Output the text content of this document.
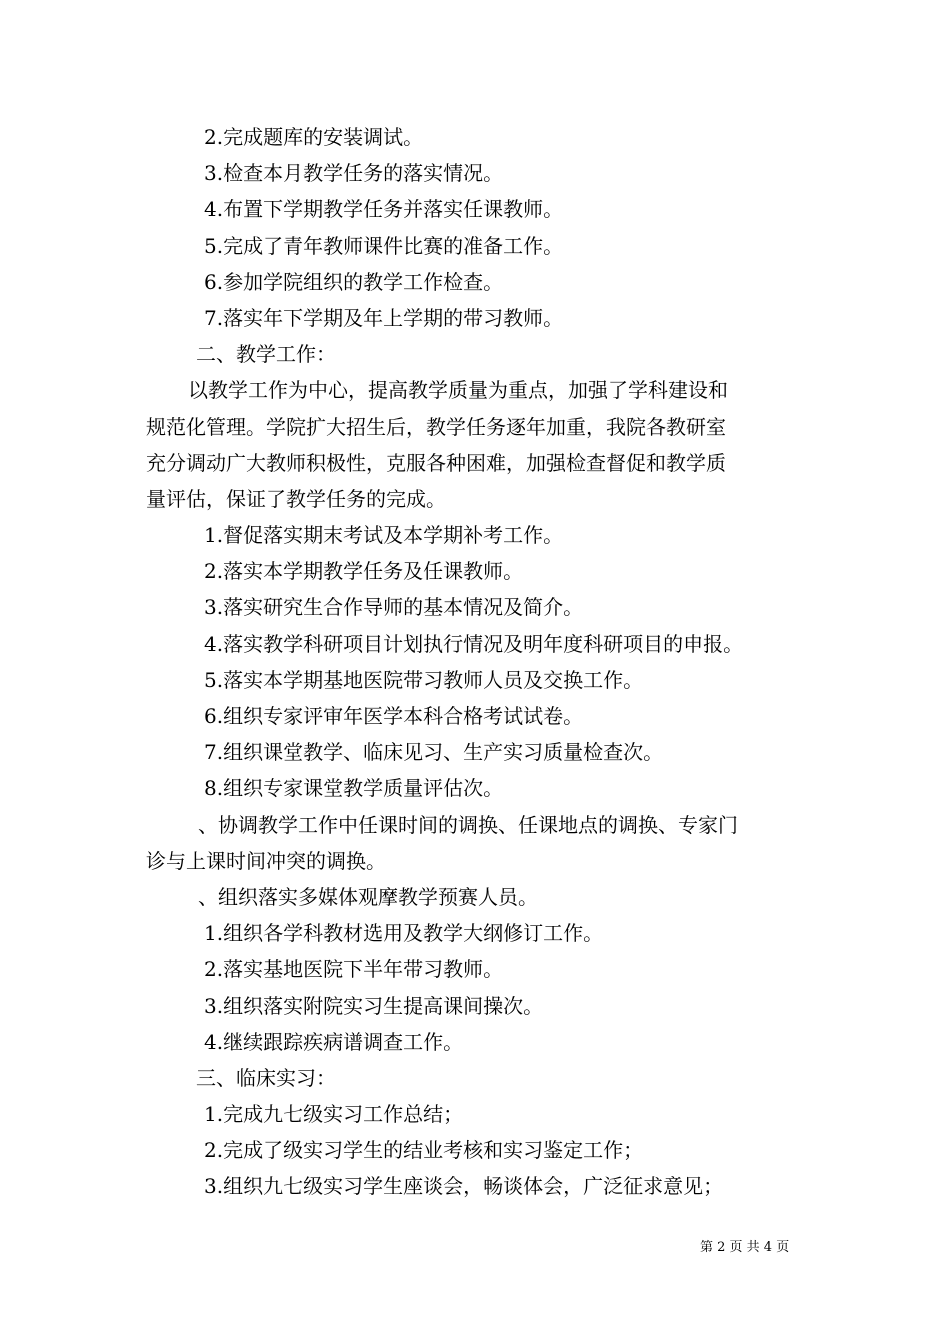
2.完成题库的安装调试。
3.检查本月教学任务的落实情况。
4.布置下学期教学任务并落实任课教师。
5.完成了青年教师课件比赛的准备工作。
6.参加学院组织的教学工作检查。
7.落实年下学期及年上学期的带习教师。
二、教学工作：
以教学工作为中心，提高教学质量为重点，加强了学科建设和
规范化管理。学院扩大招生后，教学任务逐年加重，我院各教研室
充分调动广大教师积极性，克服各种困难，加强检查督促和教学质
量评估，保证了教学任务的完成。
1.督促落实期末考试及本学期补考工作。
2.落实本学期教学任务及任课教师。
3.落实研究生合作导师的基本情况及简介。
4.落实教学科研项目计划执行情况及明年度科研项目的申报。
5.落实本学期基地医院带习教师人员及交换工作。
6.组织专家评审年医学本科合格考试试卷。
7.组织课堂教学、临床见习、生产实习质量检查次。
8.组织专家课堂教学质量评估次。
、协调教学工作中任课时间的调换、任课地点的调换、专家门
诊与上课时间冲突的调换。
、组织落实多媒体观摩教学预赛人员。
1.组织各学科教材选用及教学大纲修订工作。
2.落实基地医院下半年带习教师。
3.组织落实附院实习生提高课间操次。
4.继续跟踪疾病谱调查工作。
三、临床实习：
1.完成九七级实习工作总结；
2.完成了级实习学生的结业考核和实习鉴定工作；
3.组织九七级实习学生座谈会，畅谈体会，广泛征求意见；
第 2 页 共 4 页
